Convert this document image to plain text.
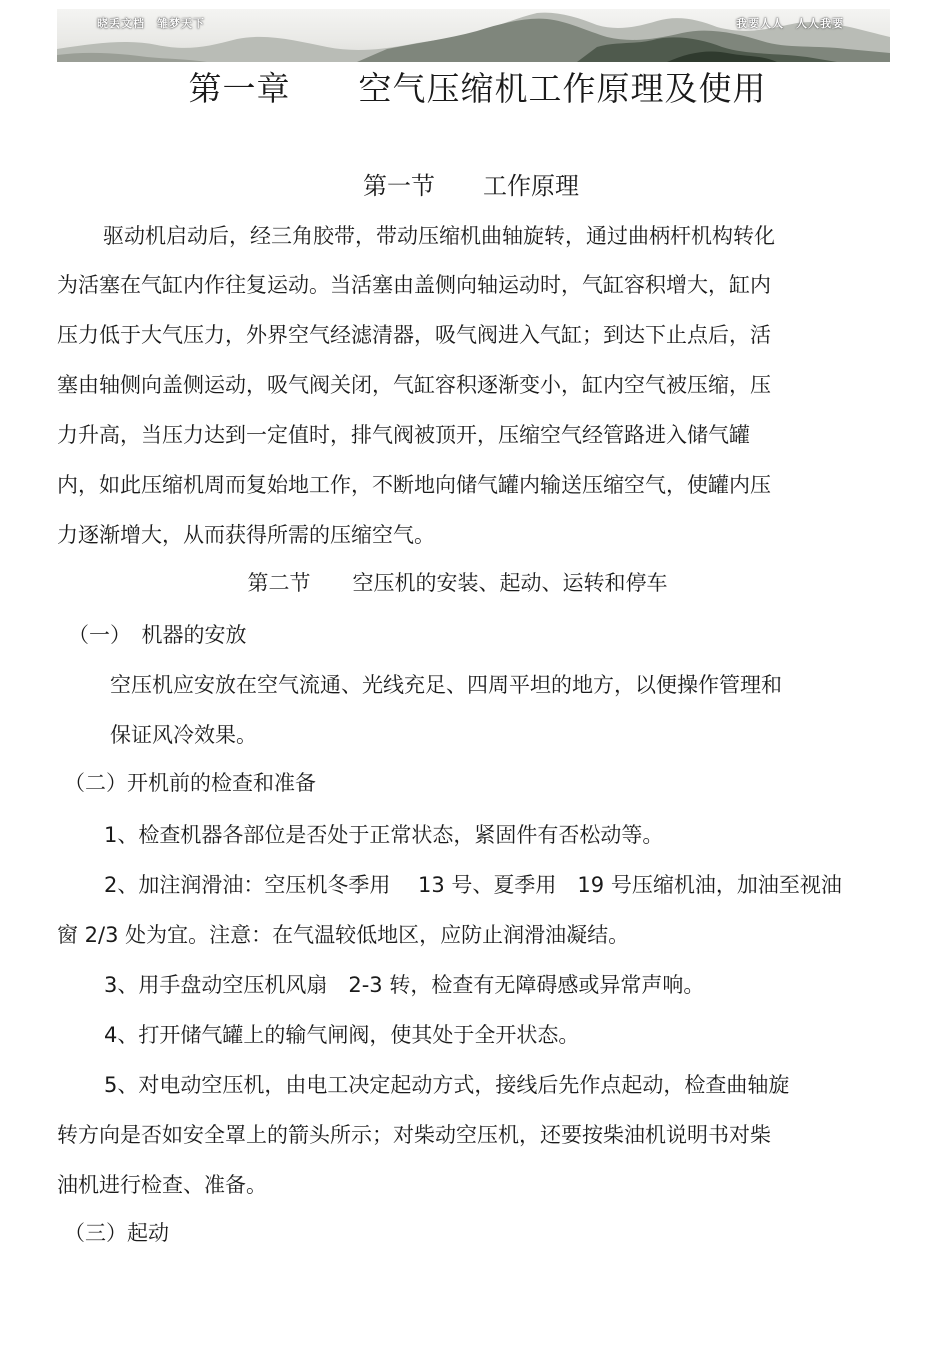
晓丢文档　雏梦天下	我要人人　人人我要
第一章　　空气压缩机工作原理及使用
第一节　　工作原理
驱动机启动后，经三角胶带，带动压缩机曲轴旋转，通过曲柄杆机构转化
为活塞在气缸内作往复运动。当活塞由盖侧向轴运动时，气缸容积增大，缸内
压力低于大气压力，外界空气经滤清器，吸气阀进入气缸；到达下止点后，活
塞由轴侧向盖侧运动，吸气阀关闭，气缸容积逐渐变小，缸内空气被压缩，压
力升高，当压力达到一定值时，排气阀被顶开，压缩空气经管路进入储气罐
内，如此压缩机周而复始地工作，不断地向储气罐内输送压缩空气，使罐内压
力逐渐增大，从而获得所需的压缩空气。
第二节　　空压机的安装、起动、运转和停车
（一）　机器的安放
空压机应安放在空气流通、光线充足、四周平坦的地方，以便操作管理和
保证风冷效果。
（二）开机前的检查和准备
1、检查机器各部位是否处于正常状态，紧固件有否松动等。
2、加注润滑油：空压机冬季用　 13 号、夏季用　19 号压缩机油，加油至视油
窗 2/3 处为宜。注意：在气温较低地区，应防止润滑油凝结。
3、用手盘动空压机风扇　2-3 转，检查有无障碍感或异常声响。
4、打开储气罐上的输气闸阀，使其处于全开状态。
5、对电动空压机，由电工决定起动方式，接线后先作点起动，检查曲轴旋
转方向是否如安全罩上的箭头所示；对柴动空压机，还要按柴油机说明书对柴
油机进行检查、准备。
（三）起动
